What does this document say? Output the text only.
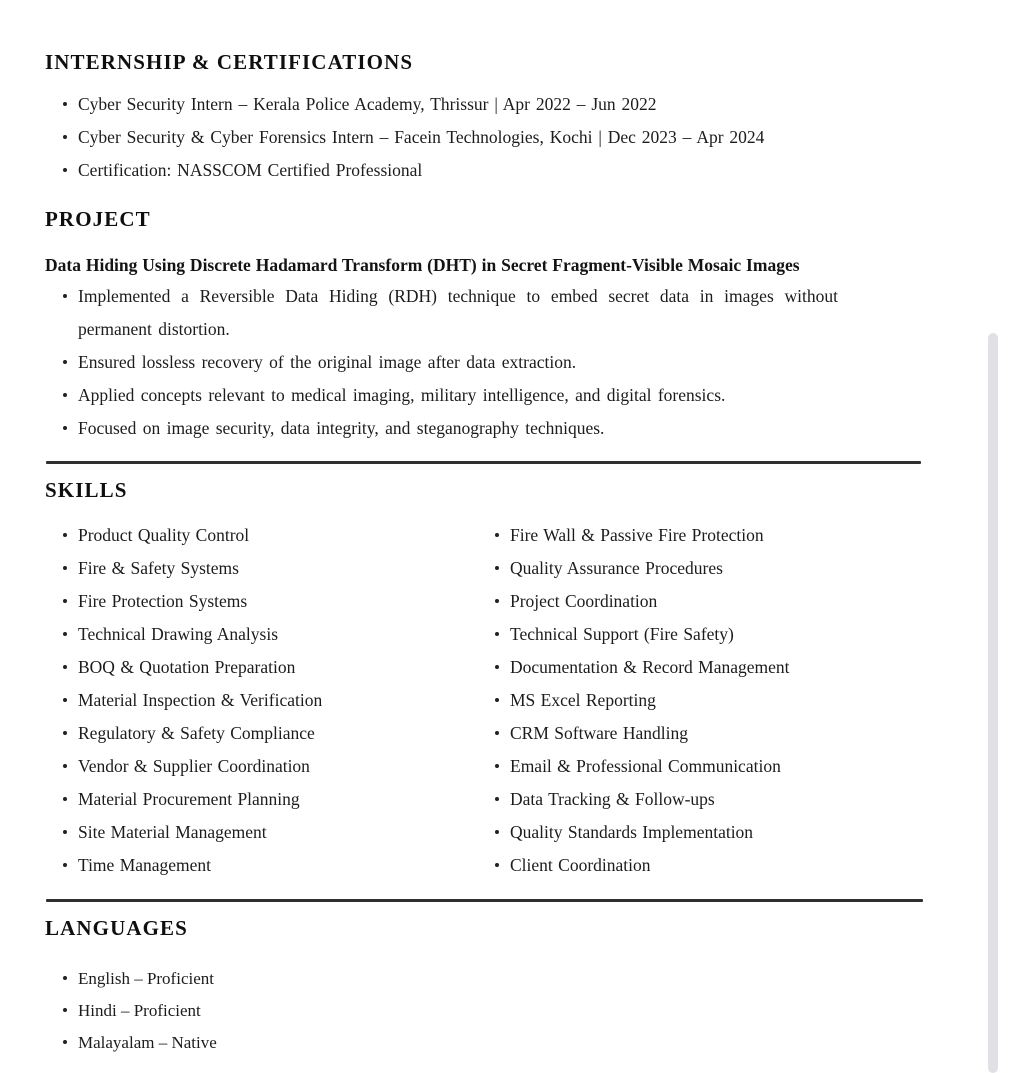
INTERNSHIP & CERTIFICATIONS
Cyber Security Intern – Kerala Police Academy, Thrissur | Apr 2022 – Jun 2022
Cyber Security & Cyber Forensics Intern – Facein Technologies, Kochi | Dec 2023 – Apr 2024
Certification: NASSCOM Certified Professional
PROJECT
Data Hiding Using Discrete Hadamard Transform (DHT) in Secret Fragment-Visible Mosaic Images
Implemented a Reversible Data Hiding (RDH) technique to embed secret data in images without
permanent distortion.
Ensured lossless recovery of the original image after data extraction.
Applied concepts relevant to medical imaging, military intelligence, and digital forensics.
Focused on image security, data integrity, and steganography techniques.
SKILLS
Product Quality Control
Fire & Safety Systems
Fire Protection Systems
Technical Drawing Analysis
BOQ & Quotation Preparation
Material Inspection & Verification
Regulatory & Safety Compliance
Vendor & Supplier Coordination
Material Procurement Planning
Site Material Management
Time Management
Fire Wall & Passive Fire Protection
Quality Assurance Procedures
Project Coordination
Technical Support (Fire Safety)
Documentation & Record Management
MS Excel Reporting
CRM Software Handling
Email & Professional Communication
Data Tracking & Follow-ups
Quality Standards Implementation
Client Coordination
LANGUAGES
English – Proficient
Hindi – Proficient
Malayalam – Native
